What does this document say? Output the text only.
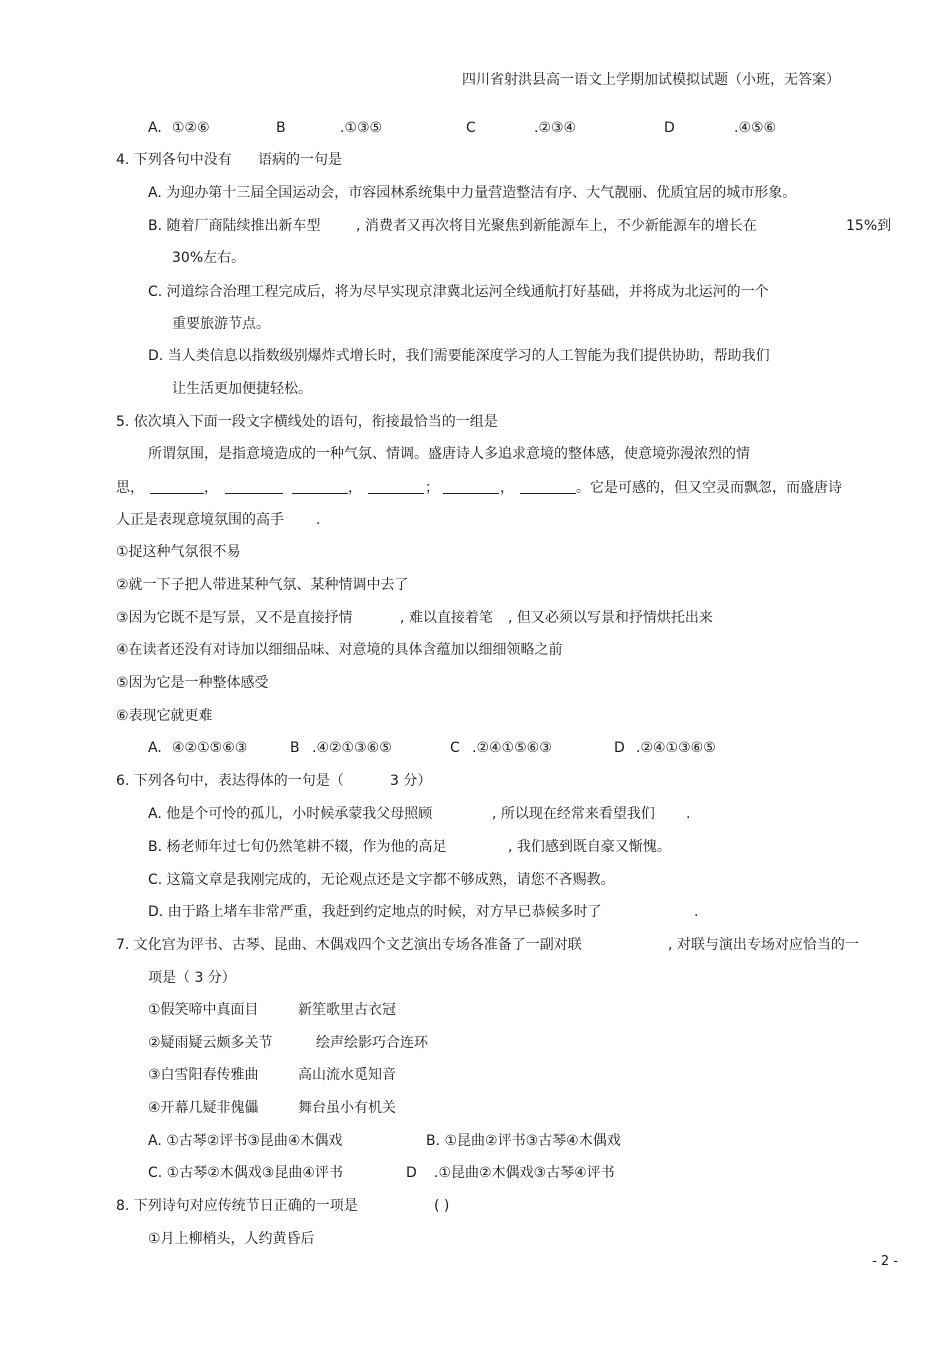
四川省射洪县高一语文上学期加试模拟试题（小班，无答案）
A. ①②⑥	B	.①③⑤	C	.②③④	D	.④⑤⑥
4. 下列各句中没有 语病的一句是
A. 为迎办第十三届全国运动会，市容园林系统集中力量营造整洁有序、大气靓丽、优质宜居的城市形象。
B. 随着厂商陆续推出新车型	, 消费者又再次将目光聚焦到新能源车上，不少新能源车的增长在	15%到
30%左右。
C. 河道综合治理工程完成后，将为尽早实现京津冀北运河全线通航打好基础，并将成为北运河的一个
重要旅游节点。
D. 当人类信息以指数级别爆炸式增长时，我们需要能深度学习的人工智能为我们提供协助，帮助我们
让生活更加便捷轻松。
5. 依次填入下面一段文字横线处的语句，衔接最恰当的一组是
所谓氛围，是指意境造成的一种气氛、情调。盛唐诗人多追求意境的整体感，使意境弥漫浓烈的情
思，	，	，	；	，	。它是可感的，但又空灵而飘忽，而盛唐诗
人正是表现意境氛围的高手 .
①捉这种气氛很不易
②就一下子把人带进某种气氛、某种情调中去了
③因为它既不是写景，又不是直接抒情	, 难以直接着笔 , 但又必须以写景和抒情烘托出来
④在读者还没有对诗加以细细品味、对意境的具体含蕴加以细细领略之前
⑤因为它是一种整体感受
⑥表现它就更难
A. ④②①⑤⑥③	B .④②①③⑥⑤	C .②④①⑤⑥③	D .②④①③⑥⑤
6. 下列各句中，表达得体的一句是（	3 分）
A. 他是个可怜的孤儿，小时候承蒙我父母照顾	, 所以现在经常来看望我们 .
B. 杨老师年过七旬仍然笔耕不辍，作为他的高足	, 我们感到既自豪又惭愧。
C. 这篇文章是我刚完成的，无论观点还是文字都不够成熟，请您不吝赐教。
D. 由于路上堵车非常严重，我赶到约定地点的时候，对方早已恭候多时了	.
7. 文化宫为评书、古琴、昆曲、木偶戏四个文艺演出专场各准备了一副对联	, 对联与演出专场对应恰当的一
项是（ 3 分）
①假笑啼中真面目	新笙歌里古衣冠
②疑雨疑云颇多关节	绘声绘影巧合连环
③白雪阳春传雅曲	高山流水觅知音
④开幕几疑非傀儡	舞台虽小有机关
A. ①古琴②评书③昆曲④木偶戏	B. ①昆曲②评书③古琴④木偶戏
C. ①古琴②木偶戏③昆曲④评书	D .①昆曲②木偶戏③古琴④评书
8. 下列诗句对应传统节日正确的一项是	( )
①月上柳梢头，人约黄昏后
- 2 -
